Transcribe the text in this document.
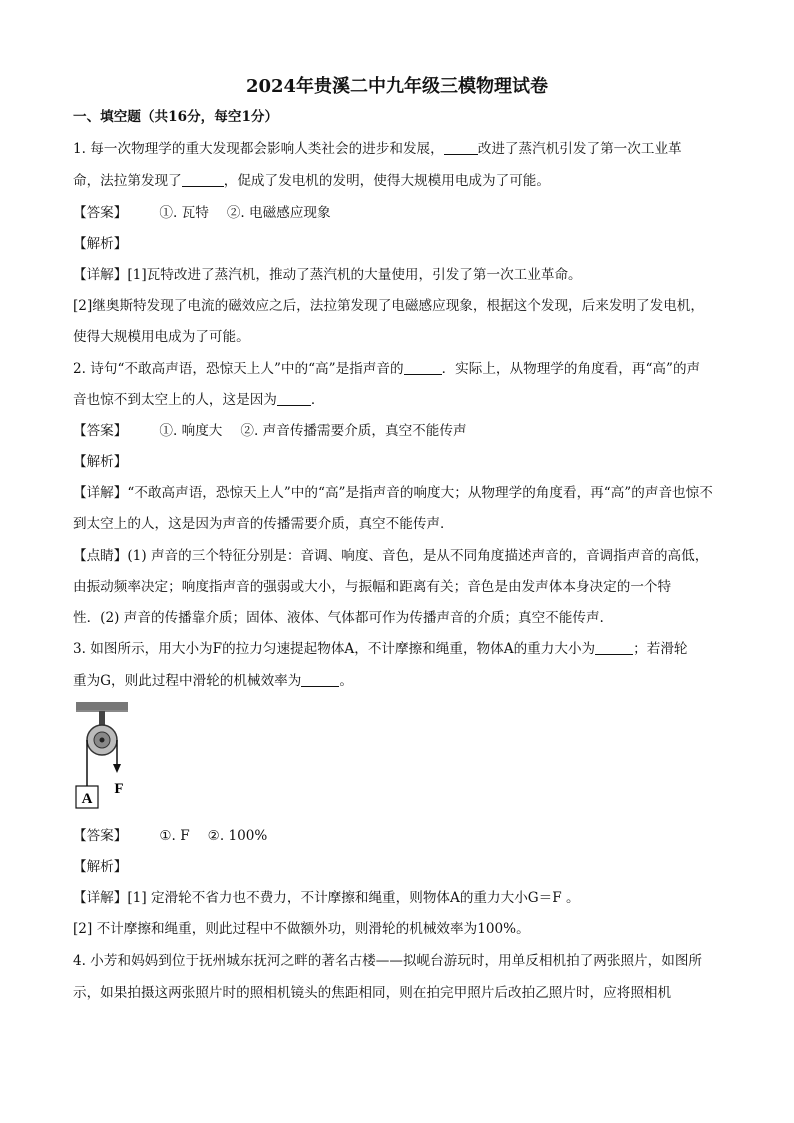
2024年贵溪二中九年级三模物理试卷
一、填空题（共16分，每空1分）
1. 每一次物理学的重大发现都会影响人类社会的进步和发展，	改进了蒸汽机引发了第一次工业革
命，法拉第发现了	，促成了发电机的发明，使得大规模用电成为了可能。
【答案】 ①. 瓦特 ②. 电磁感应现象
【解析】
【详解】[1]瓦特改进了蒸汽机，推动了蒸汽机的大量使用，引发了第一次工业革命。
[2]继奥斯特发现了电流的磁效应之后，法拉第发现了电磁感应现象，根据这个发现，后来发明了发电机，
使得大规模用电成为了可能。
2. 诗句“不敢高声语，恐惊天上人”中的“高”是指声音的	．实际上，从物理学的角度看，再“高”的声
音也惊不到太空上的人，这是因为	．
【答案】 ①. 响度大 ②. 声音传播需要介质，真空不能传声
【解析】
【详解】“不敢高声语，恐惊天上人”中的“高”是指声音的响度大；从物理学的角度看，再“高”的声音也惊不
到太空上的人，这是因为声音的传播需要介质，真空不能传声．
【点睛】(1) 声音的三个特征分别是：音调、响度、音色，是从不同角度描述声音的，音调指声音的高低，
由振动频率决定；响度指声音的强弱或大小，与振幅和距离有关；音色是由发声体本身决定的一个特
性．(2) 声音的传播靠介质；固体、液体、气体都可作为传播声音的介质；真空不能传声.
3. 如图所示，用大小为F的拉力匀速提起物体A，不计摩擦和绳重，物体A的重力大小为	；若滑轮
重为G，则此过程中滑轮的机械效率为	。
A
F
【答案】 ①. F ②. 100%
【解析】
【详解】[1] 定滑轮不省力也不费力，不计摩擦和绳重，则物体A的重力大小G＝F 。
[2] 不计摩擦和绳重，则此过程中不做额外功，则滑轮的机械效率为100%。
4. 小芳和妈妈到位于抚州城东抚河之畔的著名古楼——拟岘台游玩时，用单反相机拍了两张照片，如图所
示，如果拍摄这两张照片时的照相机镜头的焦距相同，则在拍完甲照片后改拍乙照片时，应将照相机
